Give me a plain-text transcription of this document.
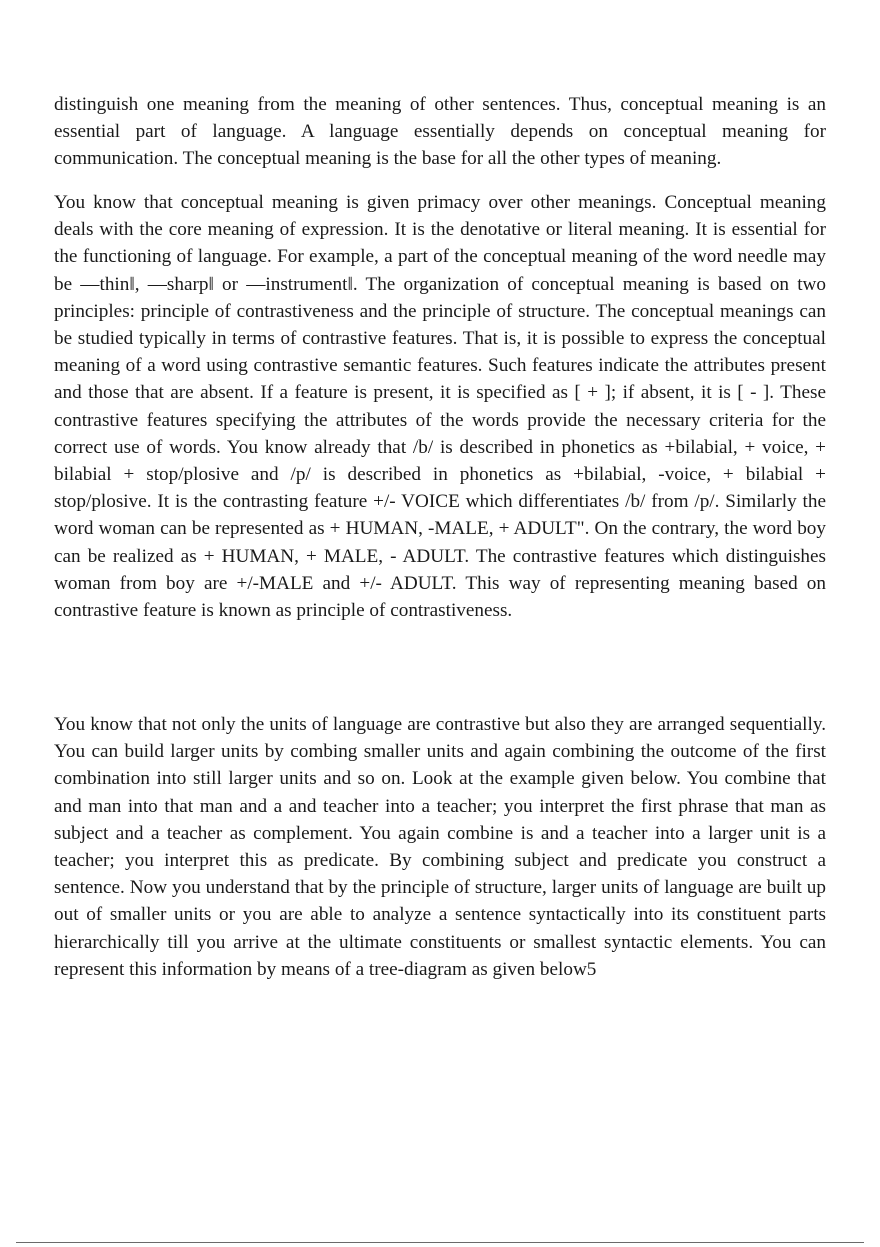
distinguish one meaning from the meaning of other sentences. Thus, conceptual meaning is an essential part of language. A language essentially depends on conceptual meaning for communication. The conceptual meaning is the base for all the other types of meaning.

You know that conceptual meaning is given primacy over other meanings. Conceptual meaning deals with the core meaning of expression. It is the denotative or literal meaning. It is essential for the functioning of language. For example, a part of the conceptual meaning of the word needle may be ―thin‖, ―sharp‖ or ―instrument‖. The organization of conceptual meaning is based on two principles: principle of contrastiveness and the principle of structure. The conceptual meanings can be studied typically in terms of contrastive features. That is, it is possible to express the conceptual meaning of a word using contrastive semantic features. Such features indicate the attributes present and those that are absent. If a feature is present, it is specified as [ + ]; if absent, it is [ - ]. These contrastive features specifying the attributes of the words provide the necessary criteria for the correct use of words. You know already that /b/ is described in phonetics as +bilabial, + voice, + bilabial + stop/plosive and /p/ is described in phonetics as +bilabial, -voice, + bilabial + stop/plosive. It is the contrasting feature +/- VOICE which differentiates /b/ from /p/. Similarly the word woman can be represented as + HUMAN, -MALE, + ADULT". On the contrary, the word boy can be realized as + HUMAN, + MALE, - ADULT. The contrastive features which distinguishes woman from boy are +/-MALE and +/- ADULT. This way of representing meaning based on contrastive feature is known as principle of contrastiveness.

You know that not only the units of language are contrastive but also they are arranged sequentially. You can build larger units by combing smaller units and again combining the outcome of the first combination into still larger units and so on. Look at the example given below. You combine that and man into that man and a and teacher into a teacher; you interpret the first phrase that man as subject and a teacher as complement. You again combine is and a teacher into a larger unit is a teacher; you interpret this as predicate. By combining subject and predicate you construct a sentence. Now you understand that by the principle of structure, larger units of language are built up out of smaller units or you are able to analyze a sentence syntactically into its constituent parts hierarchically till you arrive at the ultimate constituents or smallest syntactic elements. You can represent this information by means of a tree-diagram as given below5
